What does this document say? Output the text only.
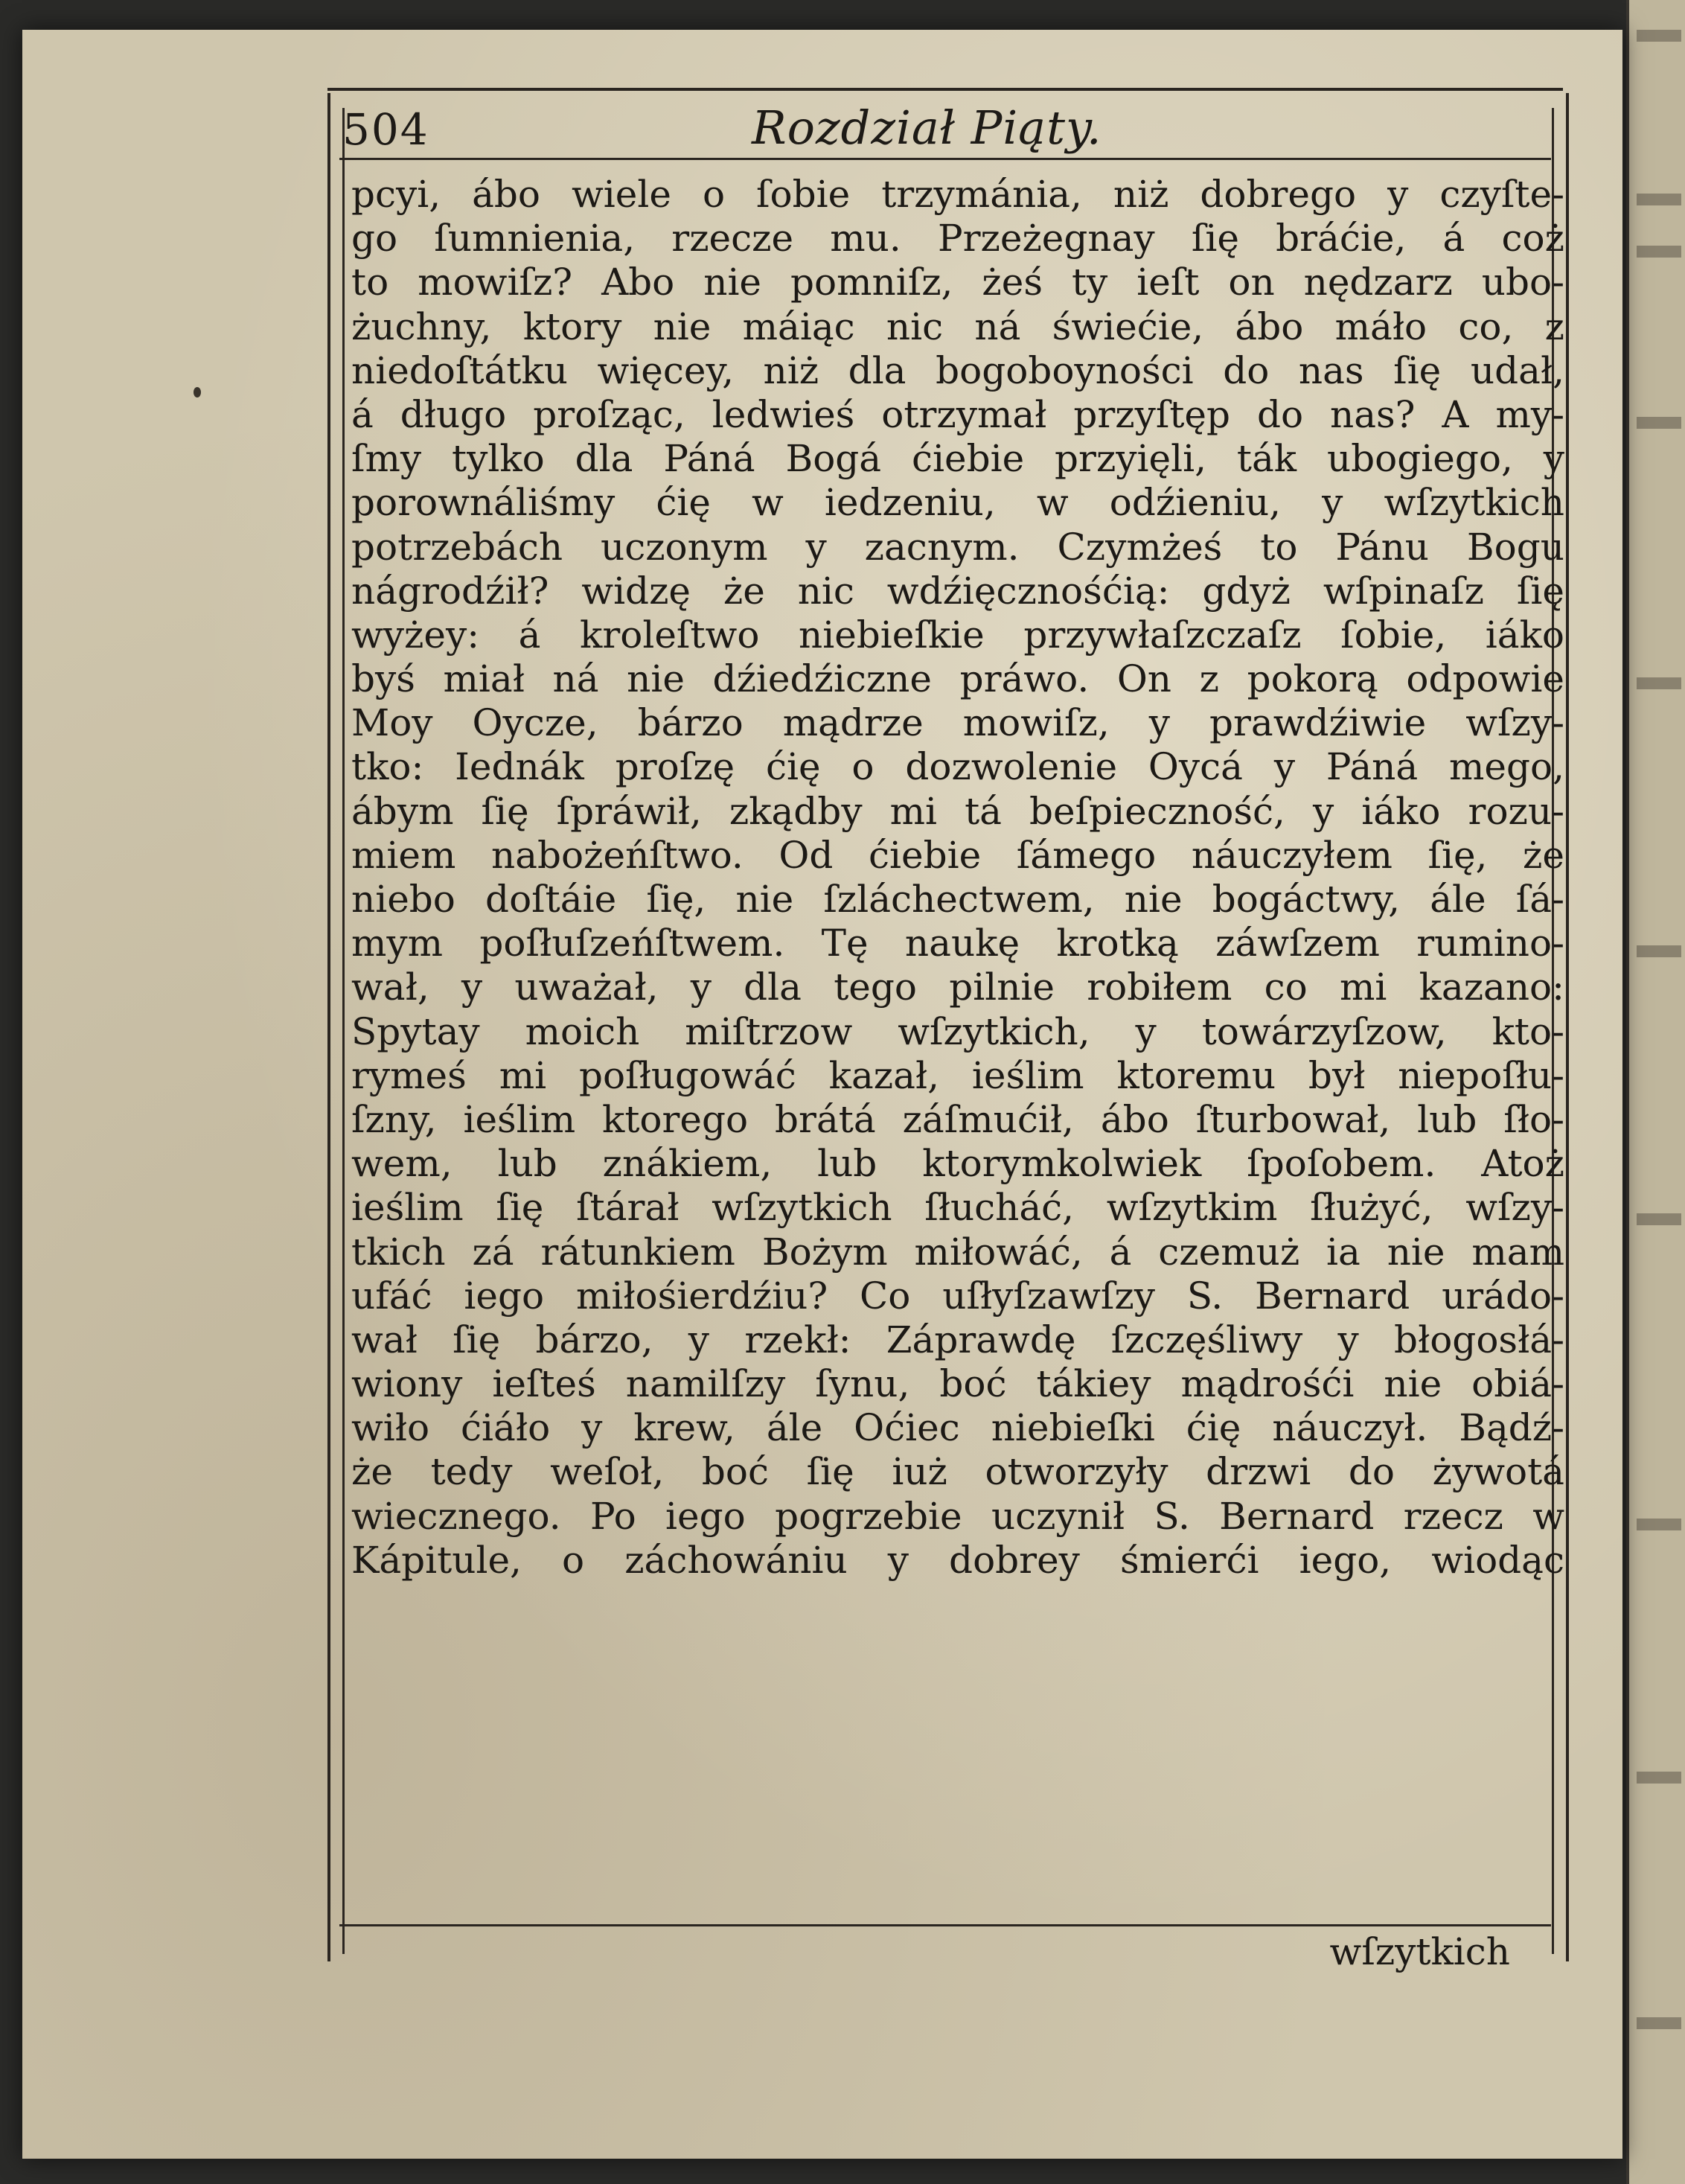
504	Rozdział Piąty.
pcyi, ábo wiele o ſobie trzymánia, niż dobrego y czyſte-
go ſumnienia, rzecze mu. Przeżegnay ſię bráćie, á coż
to mowiſz? Abo nie pomniſz, żeś ty ieſt on nędzarz ubo-
żuchny, ktory nie máiąc nic ná świećie, ábo máło co, z
niedoſtátku więcey, niż dla bogoboyności do nas ſię udał,
á długo proſząc, ledwieś otrzymał przyſtęp do nas? A my-
ſmy tylko dla Páná Bogá ćiebie przyięli, ták ubogiego, y
porownáliśmy ćię w iedzeniu, w odźieniu, y wſzytkich
potrzebách uczonym y zacnym. Czymżeś to Pánu Bogu
nágrodźił? widzę że nic wdźięcznośćią: gdyż wſpinaſz ſię
wyżey: á krolеſtwo niebieſkie przywłaſzczaſz ſobie, iáko
byś miał ná nie dźiedźiczne práwo. On z pokorą odpowie
Moy Oycze, bárzo mądrze mowiſz, y prawdźiwie wſzy-
tko: Iednák proſzę ćię o dozwolenie Oycá y Páná mego,
ábym ſię ſpráwił, zkądby mi tá beſpieczność, y iáko rozu-
miem nabożeńſtwo. Od ćiebie ſámego náuczyłem ſię, że
niebo doſtáie ſię, nie ſzláchectwem, nie bogáctwy, ále ſá-
mym poſłuſzeńſtwem. Tę naukę krotką záwſzem rumino-
wał, y uważał, y dla tego pilnie robiłem co mi kazano:
Spytay moich miſtrzow wſzytkich, y towárzyſzow, kto-
rymeś mi poſługowáć kazał, ieślim ktoremu był niepoſłu-
ſzny, ieślim ktorego brátá záſmućił, ábo ſturbował, lub ſło-
wem, lub znákiem, lub ktorymkolwiek ſpoſobem. Atoż
ieślim ſię ſtárał wſzytkich ſłucháć, wſzytkim ſłużyć, wſzy-
tkich zá rátunkiem Bożym miłowáć, á czemuż ia nie mam
ufáć iego miłośierdźiu? Co uſłyſzawſzy S. Bernard urádo-
wał ſię bárzo, y rzekł: Záprawdę ſzczęśliwy y błogosłá-
wiony ieſteś namilſzy ſynu, boć tákiey mądrośći nie obiá-
wiło ćiáło y krew, ále Oćiec niebieſki ćię náuczył. Bądź-
że tedy weſoł, boć ſię iuż otworzyły drzwi do żywotá
wiecznego. Po iego pogrzebie uczynił S. Bernard rzecz w
Kápitule, o záchowániu y dobrey śmierći iego, wiodąc
wſzytkich
